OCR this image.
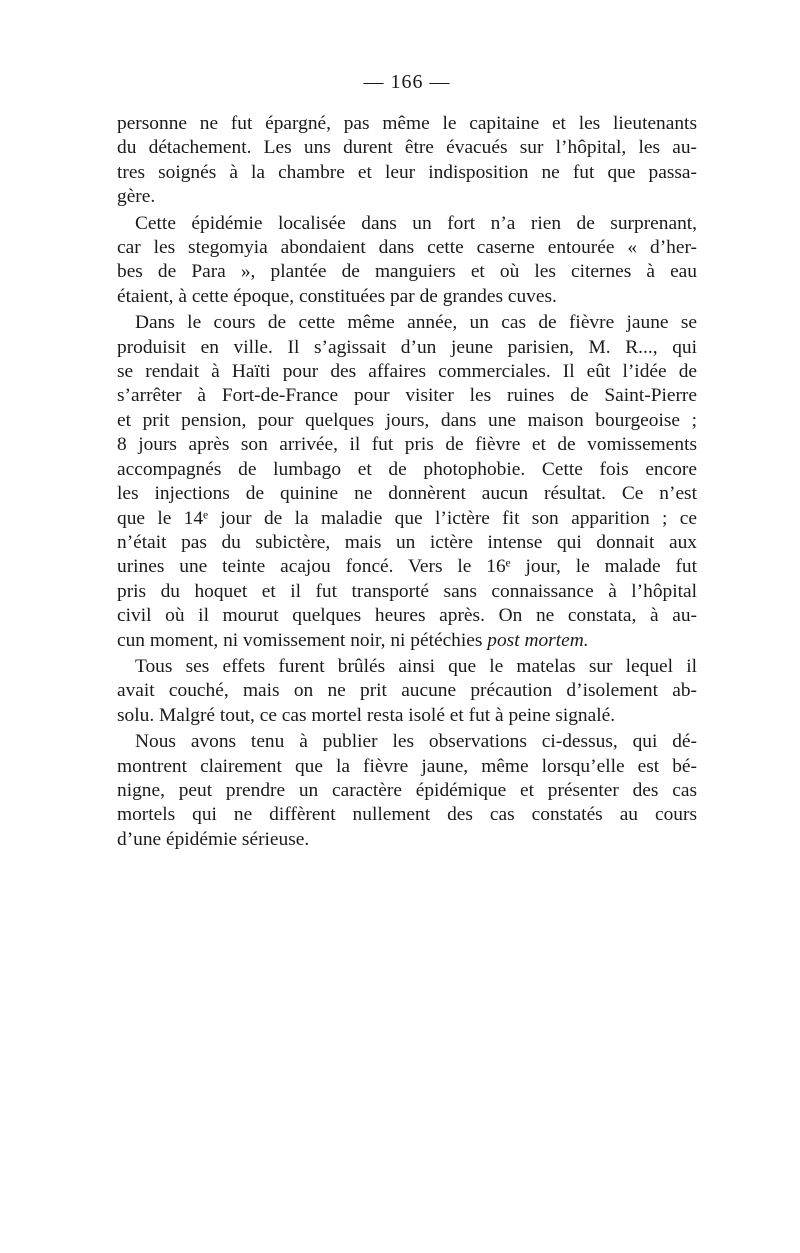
— 166 —
personne ne fut épargné, pas même le capitaine et les lieutenants
du détachement. Les uns durent être évacués sur l’hôpital, les au-
tres soignés à la chambre et leur indisposition ne fut que passa-
gère.
Cette épidémie localisée dans un fort n’a rien de surprenant,
car les stegomyia abondaient dans cette caserne entourée « d’her-
bes de Para », plantée de manguiers et où les citernes à eau
étaient, à cette époque, constituées par de grandes cuves.
Dans le cours de cette même année, un cas de fièvre jaune se
produisit en ville. Il s’agissait d’un jeune parisien, M. R..., qui
se rendait à Haïti pour des affaires commerciales. Il eût l’idée de
s’arrêter à Fort-de-France pour visiter les ruines de Saint-Pierre
et prit pension, pour quelques jours, dans une maison bourgeoise ;
8 jours après son arrivée, il fut pris de fièvre et de vomissements
accompagnés de lumbago et de photophobie. Cette fois encore
les injections de quinine ne donnèrent aucun résultat. Ce n’est
que le 14ᵉ jour de la maladie que l’ictère fit son apparition ; ce
n’était pas du subictère, mais un ictère intense qui donnait aux
urines une teinte acajou foncé. Vers le 16ᵉ jour, le malade fut
pris du hoquet et il fut transporté sans connaissance à l’hôpital
civil où il mourut quelques heures après. On ne constata, à au-
cun moment, ni vomissement noir, ni pétéchies post mortem.
Tous ses effets furent brûlés ainsi que le matelas sur lequel il
avait couché, mais on ne prit aucune précaution d’isolement ab-
solu. Malgré tout, ce cas mortel resta isolé et fut à peine signalé.
Nous avons tenu à publier les observations ci-dessus, qui dé-
montrent clairement que la fièvre jaune, même lorsqu’elle est bé-
nigne, peut prendre un caractère épidémique et présenter des cas
mortels qui ne diffèrent nullement des cas constatés au cours
d’une épidémie sérieuse.
